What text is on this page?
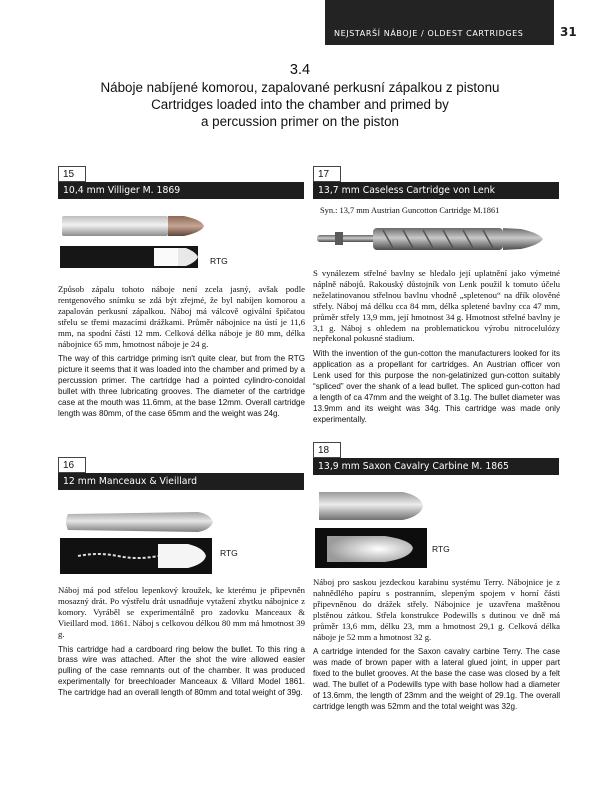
NEJSTARŠÍ NÁBOJE / OLDEST CARTRIDGES	31
3.4
Náboje nabíjené komorou, zapalované perkusní zápalkou z pistonu
Cartridges loaded into the chamber and primed by
a percussion primer on the piston
15
10,4 mm Villiger M. 1869
RTG

Způsob zápalu tohoto náboje není zcela jasný, avšak podle rentgenového snímku se zdá být zřejmé, že byl nabíjen komorou a zapalován perkusní zápalkou. Náboj má válcově ogivální špičatou střelu se třemi mazacími drážkami. Průměr nábojnice na ústí je 11,6 mm, na spodní části 12 mm. Celková délka náboje je 80 mm, délka nábojnice 65 mm, hmotnost náboje je 24 g.

The way of this cartridge priming isn't quite clear, but from the RTG picture it seems that it was loaded into the chamber and primed by a percussion primer. The cartridge had a pointed cylindro-conoidal bullet with three lubricating grooves. The diameter of the cartridge case at the mouth was 11.6mm, at the base 12mm. Overall cartridge length was 80mm, of the case 65mm and the weight was 24g.

16
12 mm Manceaux & Vieillard
RTG

Náboj má pod střelou lepenkový kroužek, ke kterému je připevněn mosazný drát. Po výstřelu drát usnadňuje vytažení zbytku nábojnice z komory. Vyráběl se experimentálně pro zadovku Manceaux & Vieillard mod. 1861. Náboj s celkovou délkou 80 mm má hmotnost 39 g.

This cartridge had a cardboard ring below the bullet. To this ring a brass wire was attached. After the shot the wire allowed easier pulling of the case remnants out of the chamber. It was produced experimentally for breechloader Manceaux & Villard Model 1861. The cartridge had an overall length of 80mm and total weight of 39g.

17
13,7 mm Caseless Cartridge von Lenk
Syn.: 13,7 mm Austrian Guncotton Cartridge M.1861

S vynálezem střelné bavlny se hledalo její uplatnění jako výmetné náplně nábojů. Rakouský důstojník von Lenk použil k tomuto účelu neželatinovanou střelnou bavlnu vhodně „spletenou“ na dřík olověné střely. Náboj má délku cca 84 mm, délka spletené bavlny cca 47 mm, průměr střely 13,9 mm, její hmotnost 34 g. Hmotnost střelné bavlny je 3,1 g. Náboj s ohledem na problematickou výrobu nitrocelulózy nepřekonal pokusné stadium.

With the invention of the gun-cotton the manufacturers looked for its application as a propellant for cartridges. An Austrian officer von Lenk used for this purpose the non-gelatinized gun-cotton suitably “spliced” over the shank of a lead bullet. The spliced gun-cotton had a length of ca 47mm and the weight of 3.1g. The bullet diameter was 13.9mm and its weight was 34g. This cartridge was made only experimentally.

18
13,9 mm Saxon Cavalry Carbine M. 1865
RTG

Náboj pro saskou jezdeckou karabinu systému Terry. Nábojnice je z nahnědlého papíru s postranním, slepeným spojem v horní části připevněnou do drážek střely. Nábojnice je uzavřena maštěnou plstěnou zátkou. Střela konstrukce Podewills s dutinou ve dně má průměr 13,6 mm, délku 23, mm a hmotnost 29,1 g. Celková délka náboje je 52 mm a hmotnost 32 g.

A cartridge intended for the Saxon cavalry carbine Terry. The case was made of brown paper with a lateral glued joint, in upper part fixed to the bullet grooves. At the base the case was closed by a felt wad. The bullet of a Podewills type with base hollow had a diameter of 13.6mm, the length of 23mm and the weight of 29.1g. The overall cartridge length was 52mm and the total weight was 32g.
